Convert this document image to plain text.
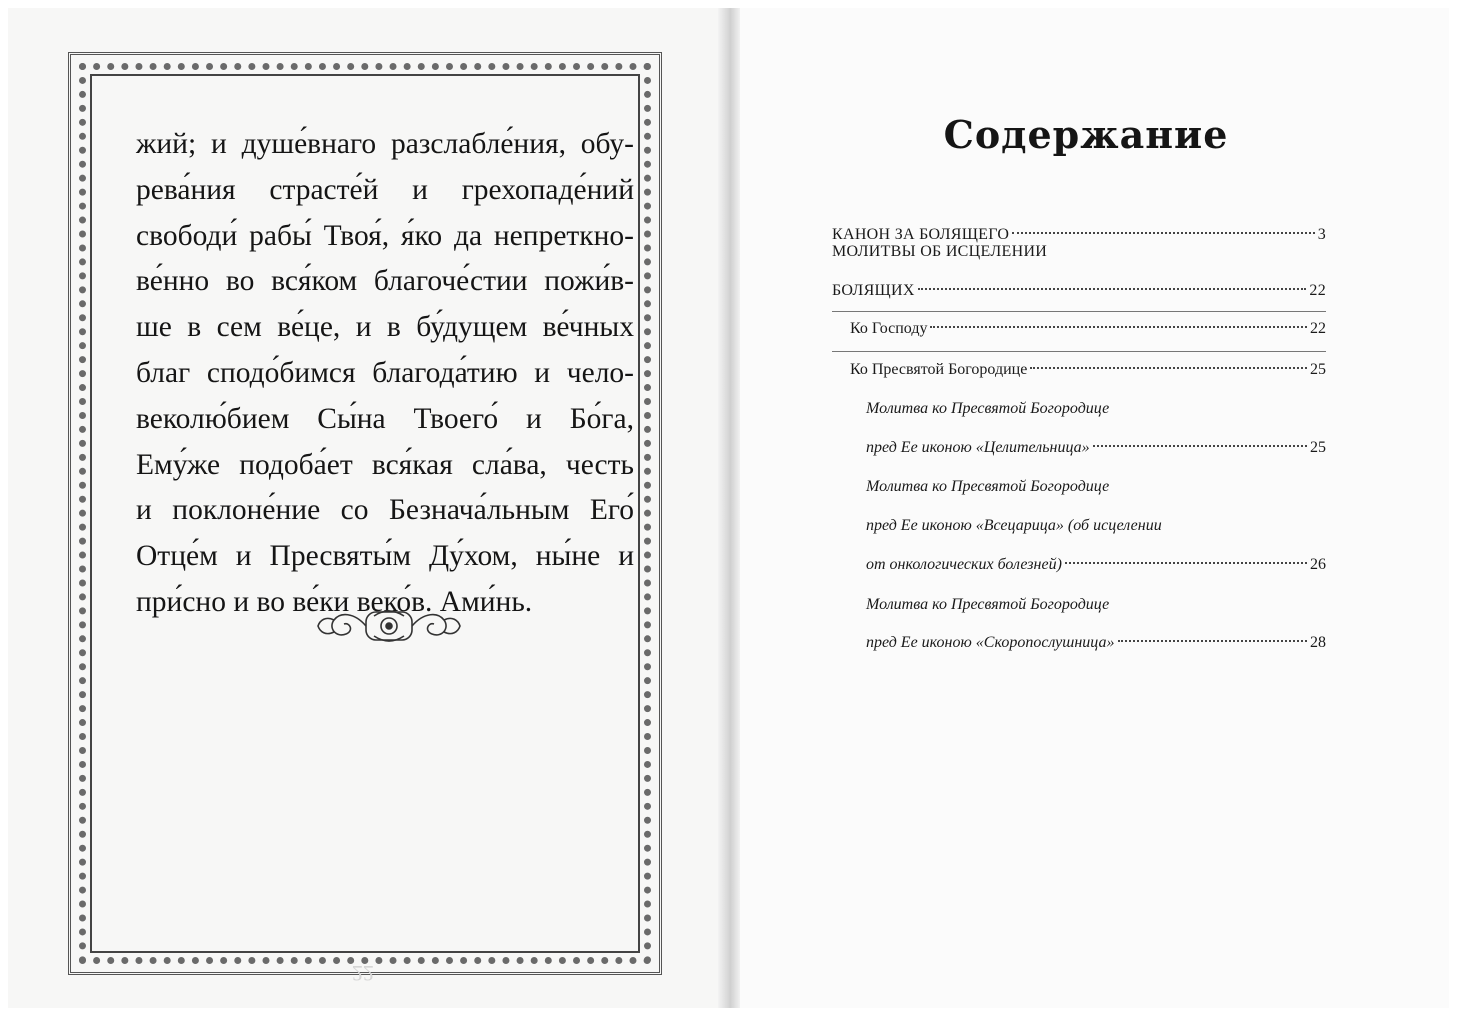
жий; и душе́внаго разслабле́ния, обу-
рева́ния страсте́й и грехопаде́ний
свободи́ рабы́ Твоя́, я́ко да непреткно-
ве́нно во вся́ком благоче́стии пожи́в-
ше в сем ве́це, и в бу́дущем ве́чных
благ сподо́бимся благода́тию и чело-
веколю́бием Сы́на Твоего́ и Бо́га,
Ему́же подоба́ет вся́кая сла́ва, честь
и поклоне́ние со Безнача́льным Его́
Отце́м и Пресвяты́м Ду́хом, ны́не и
при́сно и во ве́ки веко́в. Ами́нь.
22
Содержание
КАНОН ЗА БОЛЯЩЕГО	3
МОЛИТВЫ ОБ ИСЦЕЛЕНИИ
БОЛЯЩИХ	22
Ко Господу	22
Ко Пресвятой Богородице	25
Молитва ко Пресвятой Богородице
пред Ее иконою «Целительница»	25
Молитва ко Пресвятой Богородице
пред Ее иконою «Всецарица» (об исцелении
от онкологических болезней)	26
Молитва ко Пресвятой Богородице
пред Ее иконою «Скоропослушница»	28
